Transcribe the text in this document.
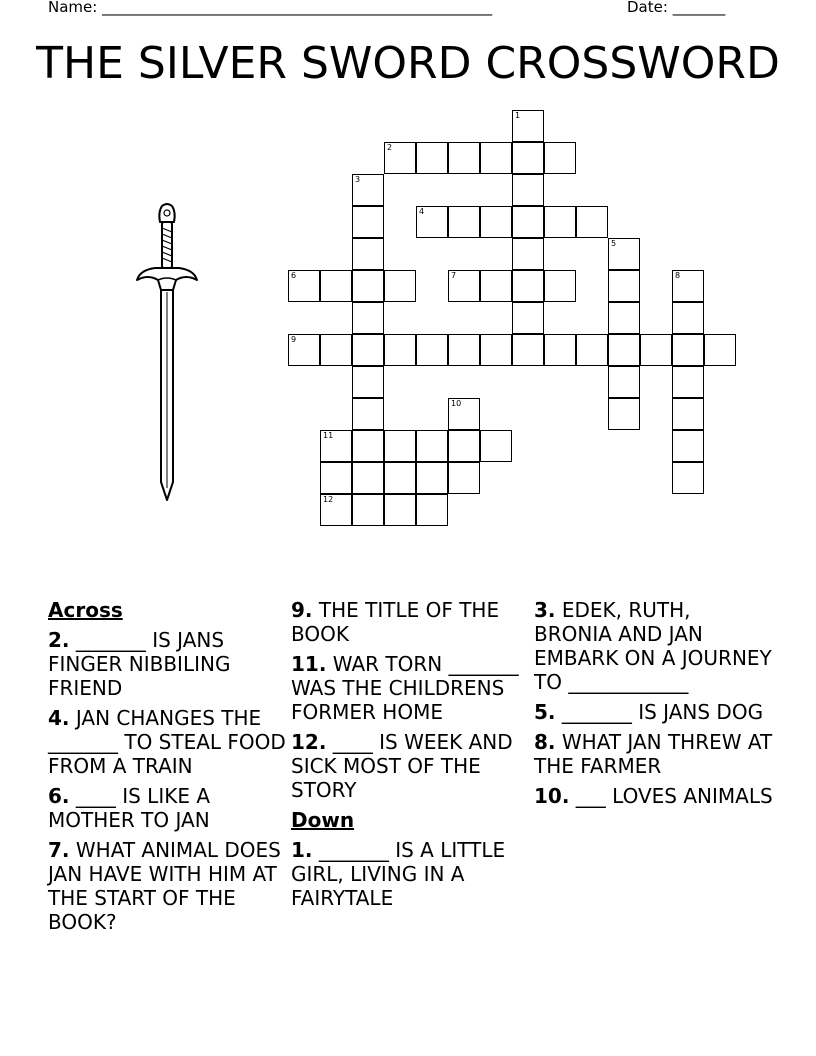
Name: ____________________________________________________	Date: _______
THE SILVER SWORD CROSSWORD
1
2
3
4
5
6	7	8
9
10
11
12
Across
2. _______ IS JANS FINGER NIBBILING FRIEND
4. JAN CHANGES THE _______ TO STEAL FOOD FROM A TRAIN
6. ____ IS LIKE A MOTHER TO JAN
7. WHAT ANIMAL DOES JAN HAVE WITH HIM AT THE START OF THE BOOK?
9. THE TITLE OF THE BOOK
11. WAR TORN _______ WAS THE CHILDRENS FORMER HOME
12. ____ IS WEEK AND SICK MOST OF THE STORY
Down
1. _______ IS A LITTLE GIRL, LIVING IN A FAIRYTALE
3. EDEK, RUTH, BRONIA AND JAN EMBARK ON A JOURNEY TO ____________
5. _______ IS JANS DOG
8. WHAT JAN THREW AT THE FARMER
10. ___ LOVES ANIMALS
